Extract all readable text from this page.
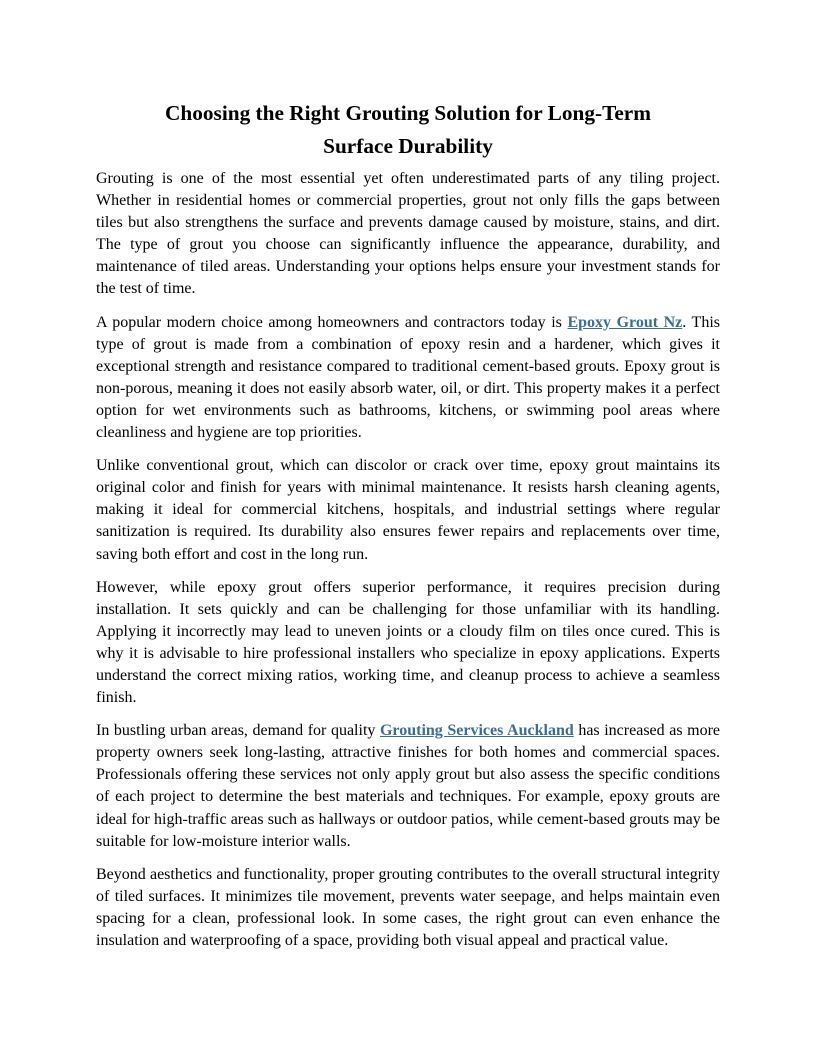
Choosing the Right Grouting Solution for Long-Term
Surface Durability

Grouting is one of the most essential yet often underestimated parts of any tiling project. Whether in residential homes or commercial properties, grout not only fills the gaps between tiles but also strengthens the surface and prevents damage caused by moisture, stains, and dirt. The type of grout you choose can significantly influence the appearance, durability, and maintenance of tiled areas. Understanding your options helps ensure your investment stands for the test of time.

A popular modern choice among homeowners and contractors today is Epoxy Grout Nz. This type of grout is made from a combination of epoxy resin and a hardener, which gives it exceptional strength and resistance compared to traditional cement-based grouts. Epoxy grout is non-porous, meaning it does not easily absorb water, oil, or dirt. This property makes it a perfect option for wet environments such as bathrooms, kitchens, or swimming pool areas where cleanliness and hygiene are top priorities.

Unlike conventional grout, which can discolor or crack over time, epoxy grout maintains its original color and finish for years with minimal maintenance. It resists harsh cleaning agents, making it ideal for commercial kitchens, hospitals, and industrial settings where regular sanitization is required. Its durability also ensures fewer repairs and replacements over time, saving both effort and cost in the long run.

However, while epoxy grout offers superior performance, it requires precision during installation. It sets quickly and can be challenging for those unfamiliar with its handling. Applying it incorrectly may lead to uneven joints or a cloudy film on tiles once cured. This is why it is advisable to hire professional installers who specialize in epoxy applications. Experts understand the correct mixing ratios, working time, and cleanup process to achieve a seamless finish.

In bustling urban areas, demand for quality Grouting Services Auckland has increased as more property owners seek long-lasting, attractive finishes for both homes and commercial spaces. Professionals offering these services not only apply grout but also assess the specific conditions of each project to determine the best materials and techniques. For example, epoxy grouts are ideal for high-traffic areas such as hallways or outdoor patios, while cement-based grouts may be suitable for low-moisture interior walls.

Beyond aesthetics and functionality, proper grouting contributes to the overall structural integrity of tiled surfaces. It minimizes tile movement, prevents water seepage, and helps maintain even spacing for a clean, professional look. In some cases, the right grout can even enhance the insulation and waterproofing of a space, providing both visual appeal and practical value.
